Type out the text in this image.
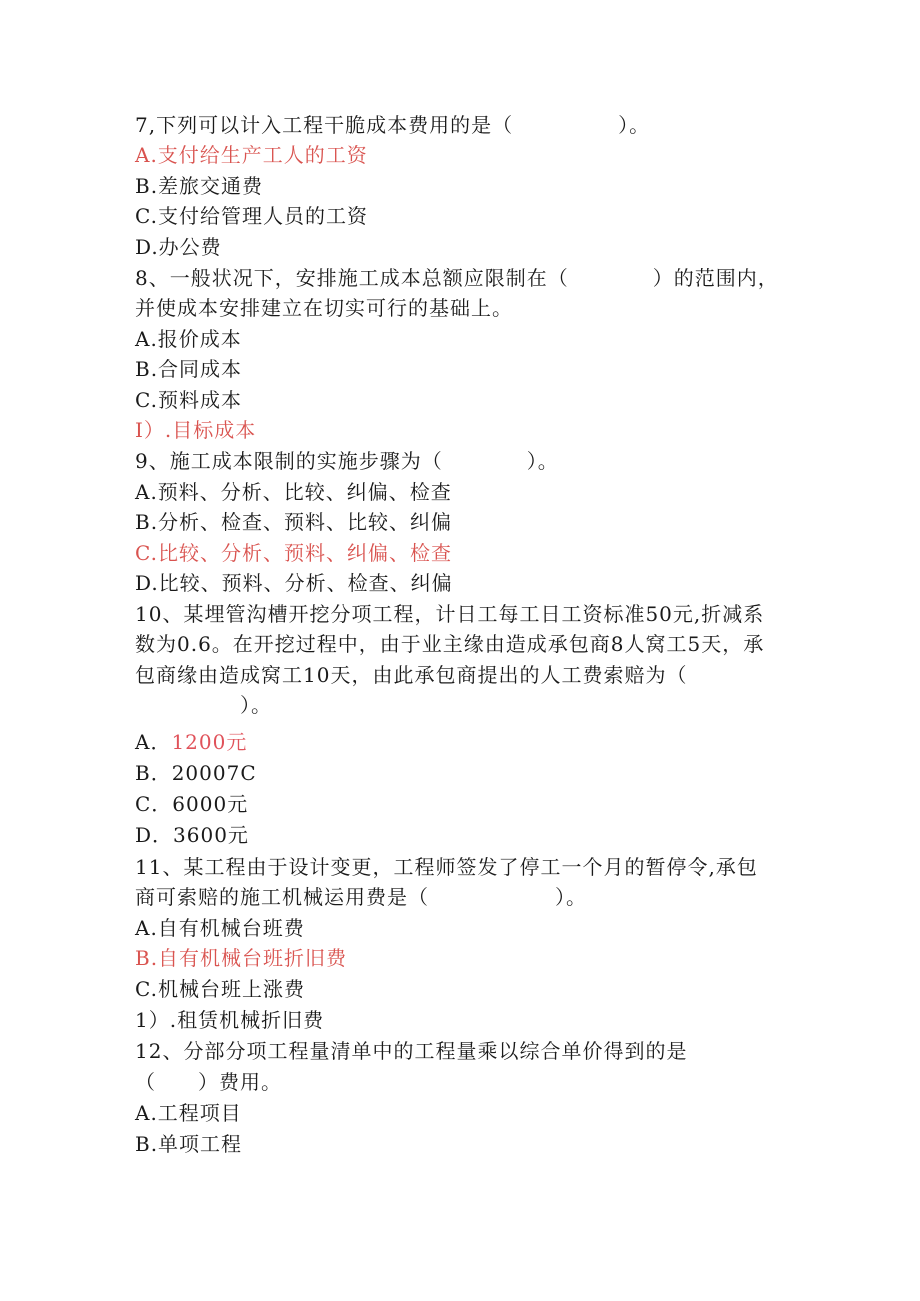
7,下列可以计入工程干脆成本费用的是（　　　　　）。
A.支付给生产工人的工资
B.差旅交通费
C.支付给管理人员的工资
D.办公费
8、一般状况下，安排施工成本总额应限制在（　　　　）的范围内，
并使成本安排建立在切实可行的基础上。
A.报价成本
B.合同成本
C.预料成本
I）.目标成本
9、施工成本限制的实施步骤为（　　　　）。
A.预料、分析、比较、纠偏、检查
B.分析、检查、预料、比较、纠偏
C.比较、分析、预料、纠偏、检查
D.比较、预料、分析、检查、纠偏
10、某埋管沟槽开挖分项工程，计日工每工日工资标准50元,折减系
数为0.6。在开挖过程中，由于业主缘由造成承包商8人窝工5天，承
包商缘由造成窝工10天，由此承包商提出的人工费索赔为（
　　　　　）。
A．1200元
B．20007C
C．6000元
D．3600元
11、某工程由于设计变更，工程师签发了停工一个月的暂停令,承包
商可索赔的施工机械运用费是（　　　　　　）。
A.自有机械台班费
B.自有机械台班折旧费
C.机械台班上涨费
1）.租赁机械折旧费
12、分部分项工程量清单中的工程量乘以综合单价得到的是
（　　）费用。
A.工程项目
B.单项工程
